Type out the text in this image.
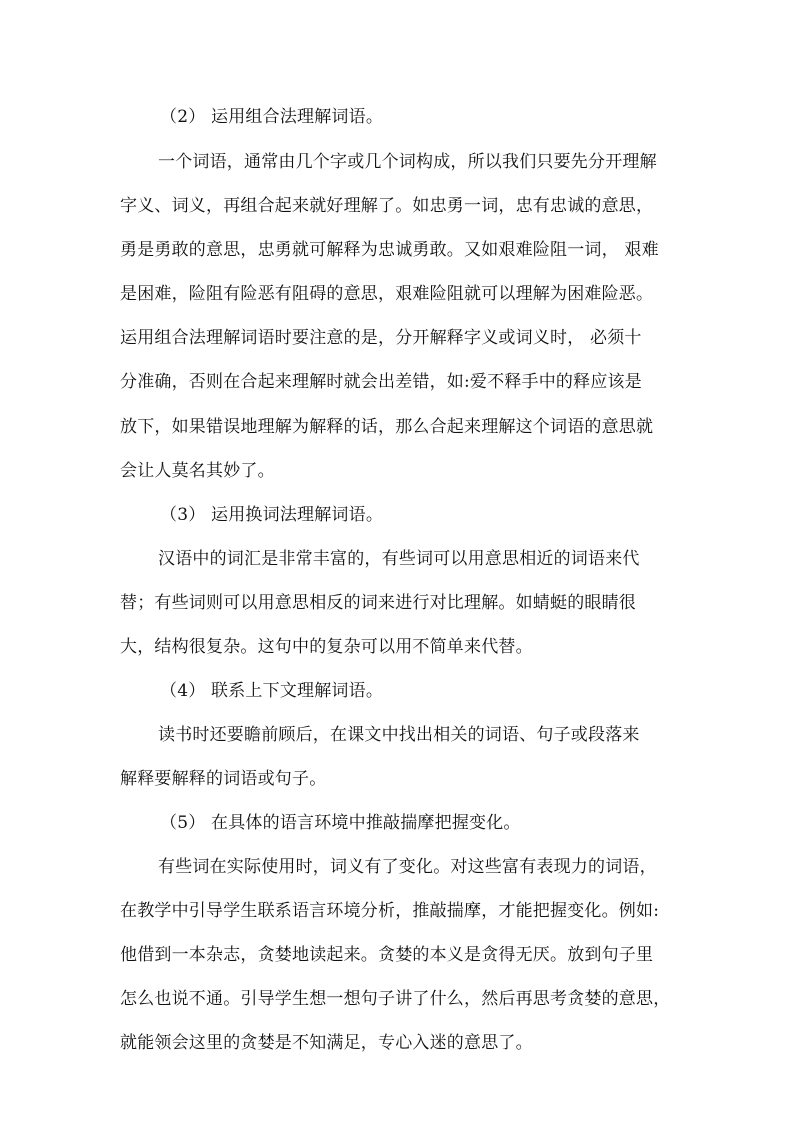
（2） 运用组合法理解词语。
一个词语，通常由几个字或几个词构成，所以我们只要先分开理解
字义、词义，再组合起来就好理解了。如忠勇一词，忠有忠诚的意思，
勇是勇敢的意思，忠勇就可解释为忠诚勇敢。又如艰难险阻一词， 艰难
是困难，险阻有险恶有阻碍的意思，艰难险阻就可以理解为困难险恶。
运用组合法理解词语时要注意的是，分开解释字义或词义时， 必须十
分准确，否则在合起来理解时就会出差错，如:爱不释手中的释应该是
放下，如果错误地理解为解释的话，那么合起来理解这个词语的意思就
会让人莫名其妙了。
（3） 运用换词法理解词语。
汉语中的词汇是非常丰富的，有些词可以用意思相近的词语来代
替；有些词则可以用意思相反的词来进行对比理解。如蜻蜓的眼睛很
大，结构很复杂。这句中的复杂可以用不简单来代替。
（4） 联系上下文理解词语。
读书时还要瞻前顾后，在课文中找出相关的词语、句子或段落来
解释要解释的词语或句子。
（5） 在具体的语言环境中推敲揣摩把握变化。
有些词在实际使用时，词义有了变化。对这些富有表现力的词语，
在教学中引导学生联系语言环境分析，推敲揣摩，才能把握变化。例如:
他借到一本杂志，贪婪地读起来。贪婪的本义是贪得无厌。放到句子里
怎么也说不通。引导学生想一想句子讲了什么，然后再思考贪婪的意思，
就能领会这里的贪婪是不知满足，专心入迷的意思了。
